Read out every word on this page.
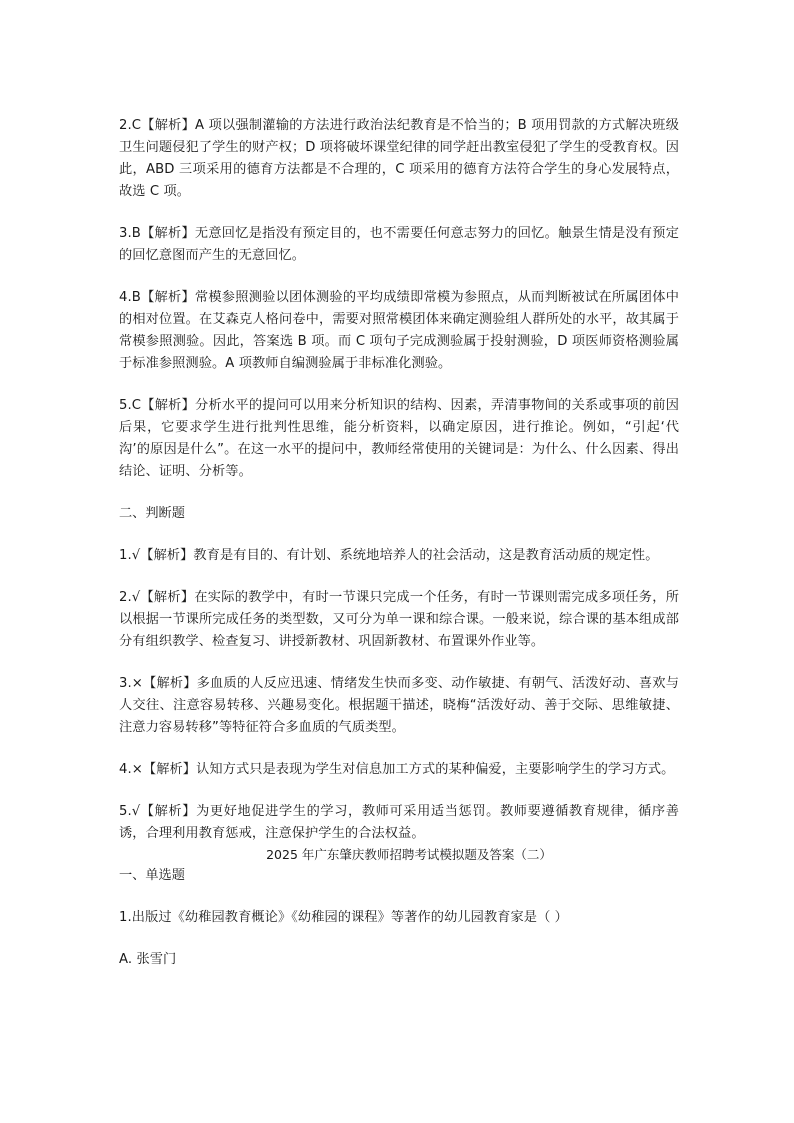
2.C【解析】A 项以强制灌输的方法进行政治法纪教育是不恰当的；B 项用罚款的方式解决班级卫生问题侵犯了学生的财产权；D 项将破坏课堂纪律的同学赶出教室侵犯了学生的受教育权。因此，ABD 三项采用的德育方法都是不合理的，C 项采用的德育方法符合学生的身心发展特点，故选 C 项。

3.B【解析】无意回忆是指没有预定目的，也不需要任何意志努力的回忆。触景生情是没有预定的回忆意图而产生的无意回忆。

4.B【解析】常模参照测验以团体测验的平均成绩即常模为参照点，从而判断被试在所属团体中的相对位置。在艾森克人格问卷中，需要对照常模团体来确定测验组人群所处的水平，故其属于常模参照测验。因此，答案选 B 项。而 C 项句子完成测验属于投射测验，D 项医师资格测验属于标准参照测验。A 项教师自编测验属于非标准化测验。

5.C【解析】分析水平的提问可以用来分析知识的结构、因素，弄清事物间的关系或事项的前因后果，它要求学生进行批判性思维，能分析资料，以确定原因，进行推论。例如，“引起‘代沟’的原因是什么”。在这一水平的提问中，教师经常使用的关键词是：为什么、什么因素、得出结论、证明、分析等。

二、判断题

1.√【解析】教育是有目的、有计划、系统地培养人的社会活动，这是教育活动质的规定性。

2.√【解析】在实际的教学中，有时一节课只完成一个任务，有时一节课则需完成多项任务，所以根据一节课所完成任务的类型数，又可分为单一课和综合课。一般来说，综合课的基本组成部分有组织教学、检查复习、讲授新教材、巩固新教材、布置课外作业等。

3.×【解析】多血质的人反应迅速、情绪发生快而多变、动作敏捷、有朝气、活泼好动、喜欢与人交往、注意容易转移、兴趣易变化。根据题干描述，晓梅“活泼好动、善于交际、思维敏捷、注意力容易转移”等特征符合多血质的气质类型。

4.×【解析】认知方式只是表现为学生对信息加工方式的某种偏爱，主要影响学生的学习方式。

5.√【解析】为更好地促进学生的学习，教师可采用适当惩罚。教师要遵循教育规律，循序善诱，合理利用教育惩戒，注意保护学生的合法权益。

2025 年广东肇庆教师招聘考试模拟题及答案（二）

一、单选题

1.出版过《幼稚园教育概论》《幼稚园的课程》等著作的幼儿园教育家是（ ）

A. 张雪门
